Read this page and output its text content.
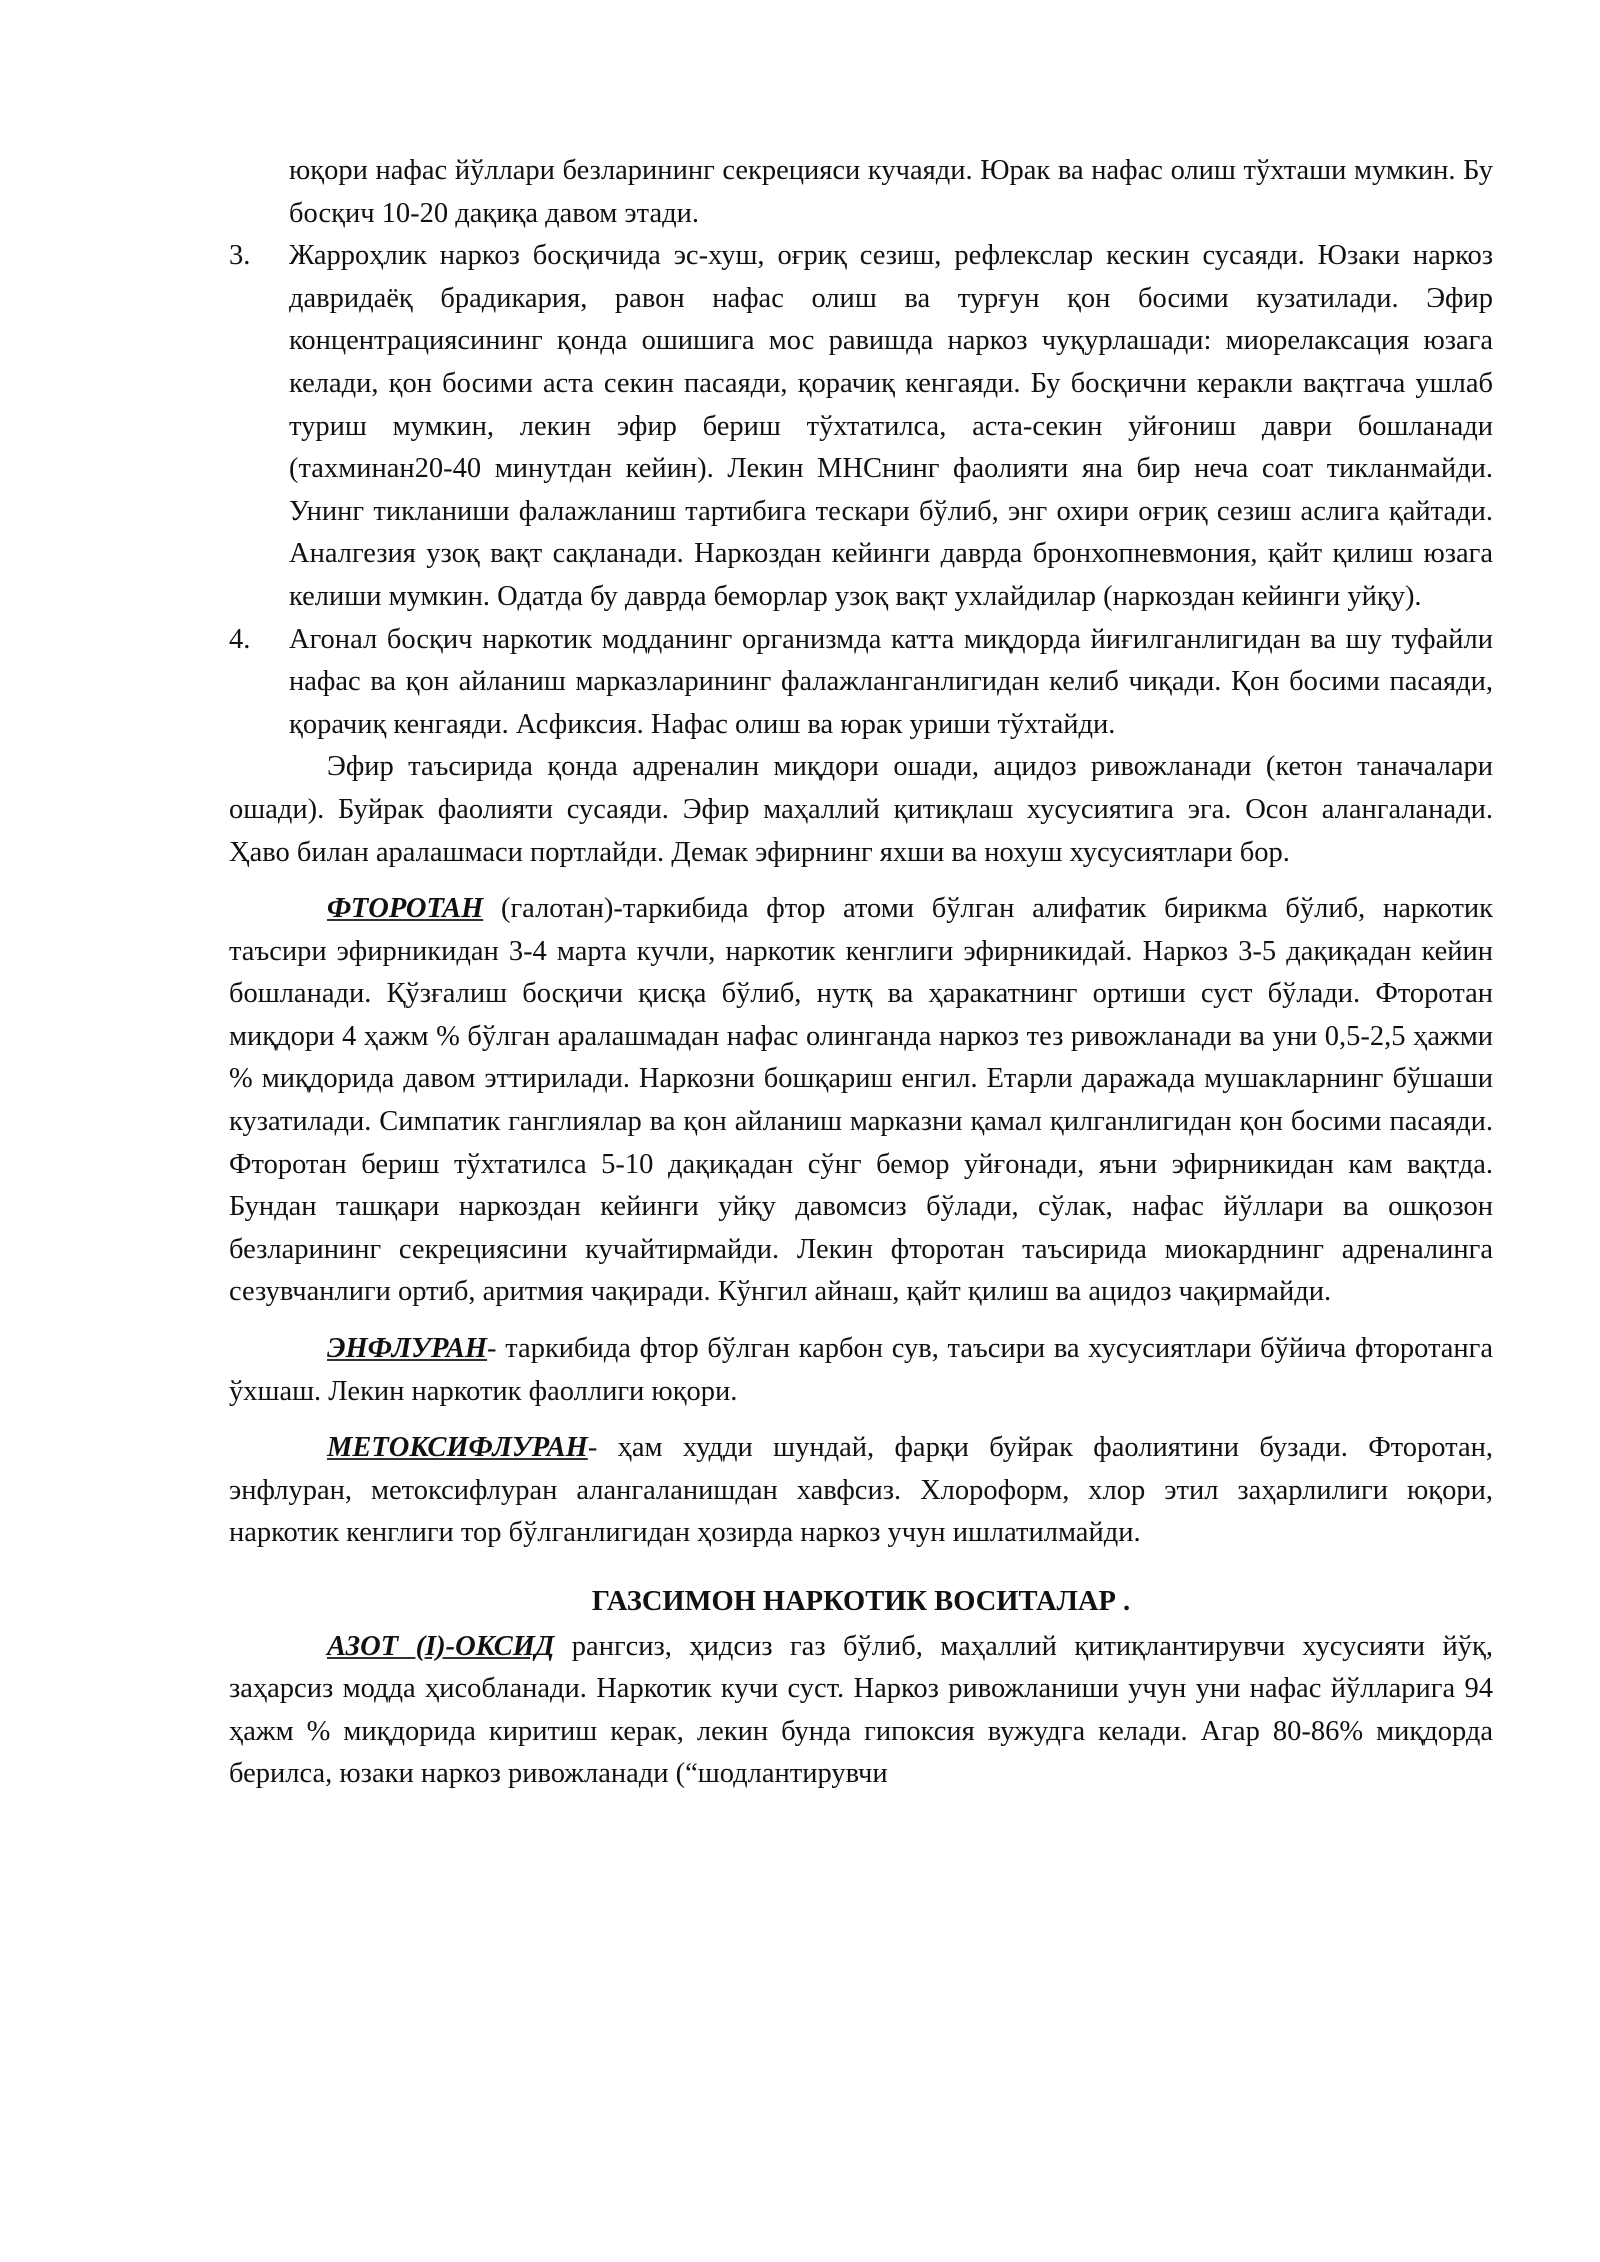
юқори нафас йўллари безларининг секрецияси кучаяди. Юрак ва нафас олиш тўхташи мумкин. Бу босқич 10-20 дақиқа давом этади.
3. Жарроҳлик наркоз босқичида эс-хуш, оғриқ сезиш, рефлекслар кескин сусаяди. Юзаки наркоз давридаёқ брадикария, равон нафас олиш ва турғун қон босими кузатилади. Эфир концентрациясининг қонда ошишига мос равишда наркоз чуқурлашади: миорелаксация юзага келади, қон босими аста секин пасаяди, қорачиқ кенгаяди. Бу босқични керакли вақтгача ушлаб туриш мумкин, лекин эфир бериш тўхтатилса, аста-секин уйғониш даври бошланади (тахминан20-40 минутдан кейин). Лекин МНСнинг фаолияти яна бир неча соат тикланмайди. Унинг тикланиши фалажланиш тартибига тескари бўлиб, энг охири оғриқ сезиш аслига қайтади. Аналгезия узоқ вақт сақланади. Наркоздан кейинги даврда бронхопневмония, қайт қилиш юзага келиши мумкин. Одатда бу даврда беморлар узоқ вақт ухлайдилар (наркоздан кейинги уйқу).
4. Агонал босқич наркотик модданинг организмда катта миқдорда йиғилганлигидан ва шу туфайли нафас ва қон айланиш марказларининг фалажланганлигидан келиб чиқади. Қон босими пасаяди, қорачиқ кенгаяди. Асфиксия. Нафас олиш ва юрак уриши тўхтайди.

Эфир таъсирида қонда адреналин миқдори ошади, ацидоз ривожланади (кетон таначалари ошади). Буйрак фаолияти сусаяди. Эфир маҳаллий қитиқлаш хусусиятига эга. Осон алангаланади. Ҳаво билан аралашмаси портлайди. Демак эфирнинг яхши ва нохуш хусусиятлари бор.

ФТОРОТАН (галотан)-таркибида фтор атоми бўлган алифатик бирикма бўлиб, наркотик таъсири эфирникидан 3-4 марта кучли, наркотик кенглиги эфирникидай. Наркоз 3-5 дақиқадан кейин бошланади. Қўзғалиш босқичи қисқа бўлиб, нутқ ва ҳаракатнинг ортиши суст бўлади. Фторотан миқдори 4 ҳажм % бўлган аралашмадан нафас олинганда наркоз тез ривожланади ва уни 0,5-2,5 ҳажми % миқдорида давом эттирилади. Наркозни бошқариш енгил. Етарли даражада мушакларнинг бўшаши кузатилади. Симпатик ганглиялар ва қон айланиш марказни қамал қилганлигидан қон босими пасаяди. Фторотан бериш тўхтатилса 5-10 дақиқадан сўнг бемор уйғонади, яъни эфирникидан кам вақтда. Бундан ташқари наркоздан кейинги уйқу давомсиз бўлади, сўлак, нафас йўллари ва ошқозон безларининг секрециясини кучайтирмайди. Лекин фторотан таъсирида миокарднинг адреналинга сезувчанлиги ортиб, аритмия чақиради. Кўнгил айнаш, қайт қилиш ва ацидоз чақирмайди.

ЭНФЛУРАН- таркибида фтор бўлган карбон сув, таъсири ва хусусиятлари бўйича фторотанга ўхшаш. Лекин наркотик фаоллиги юқори.

МЕТОКСИФЛУРАН- ҳам худди шундай, фарқи буйрак фаолиятини бузади. Фторотан, энфлуран, метоксифлуран алангаланишдан хавфсиз. Хлороформ, хлор этил заҳарлилиги юқори, наркотик кенглиги тор бўлганлигидан ҳозирда наркоз учун ишлатилмайди.

ГАЗСИМОН НАРКОТИК ВОСИТАЛАР .

АЗОТ (I)-ОКСИД рангсиз, ҳидсиз газ бўлиб, маҳаллий қитиқлантирувчи хусусияти йўқ, заҳарсиз модда ҳисобланади. Наркотик кучи суст. Наркоз ривожланиши учун уни нафас йўлларига 94 ҳажм % миқдорида киритиш керак, лекин бунда гипоксия вужудга келади. Агар 80-86% миқдорда берилса, юзаки наркоз ривожланади (“шодлантирувчи
